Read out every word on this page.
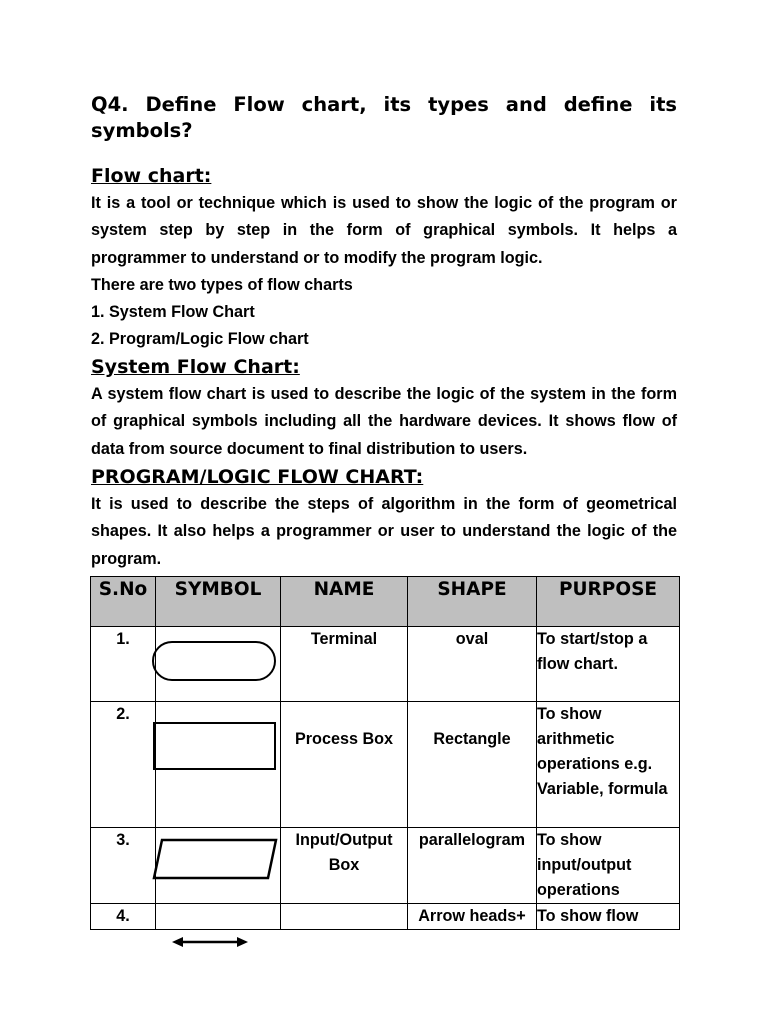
Q4. Define Flow chart, its types and define its
symbols?

Flow chart:

It is a tool or technique which is used to show the logic of the program or system step by step in the form of graphical symbols. It helps a programmer to understand or to modify the program logic.

There are two types of flow charts

1. System Flow Chart
2. Program/Logic Flow chart

System Flow Chart:

A system flow chart is used to describe the logic of the system in the form of graphical symbols including all the hardware devices. It shows flow of data from source document to final distribution to users.

PROGRAM/LOGIC FLOW CHART:

It is used to describe the steps of algorithm in the form of geometrical shapes. It also helps a programmer or user to understand the logic of the program.

S.No	SYMBOL	NAME	SHAPE	PURPOSE
1.		Terminal	oval	To start/stop a flow chart.
2.		Process Box	Rectangle	To show arithmetic operations e.g. Variable, formula
3.		Input/Output Box	parallelogram	To show input/output operations
4.			Arrow heads+	To show flow
